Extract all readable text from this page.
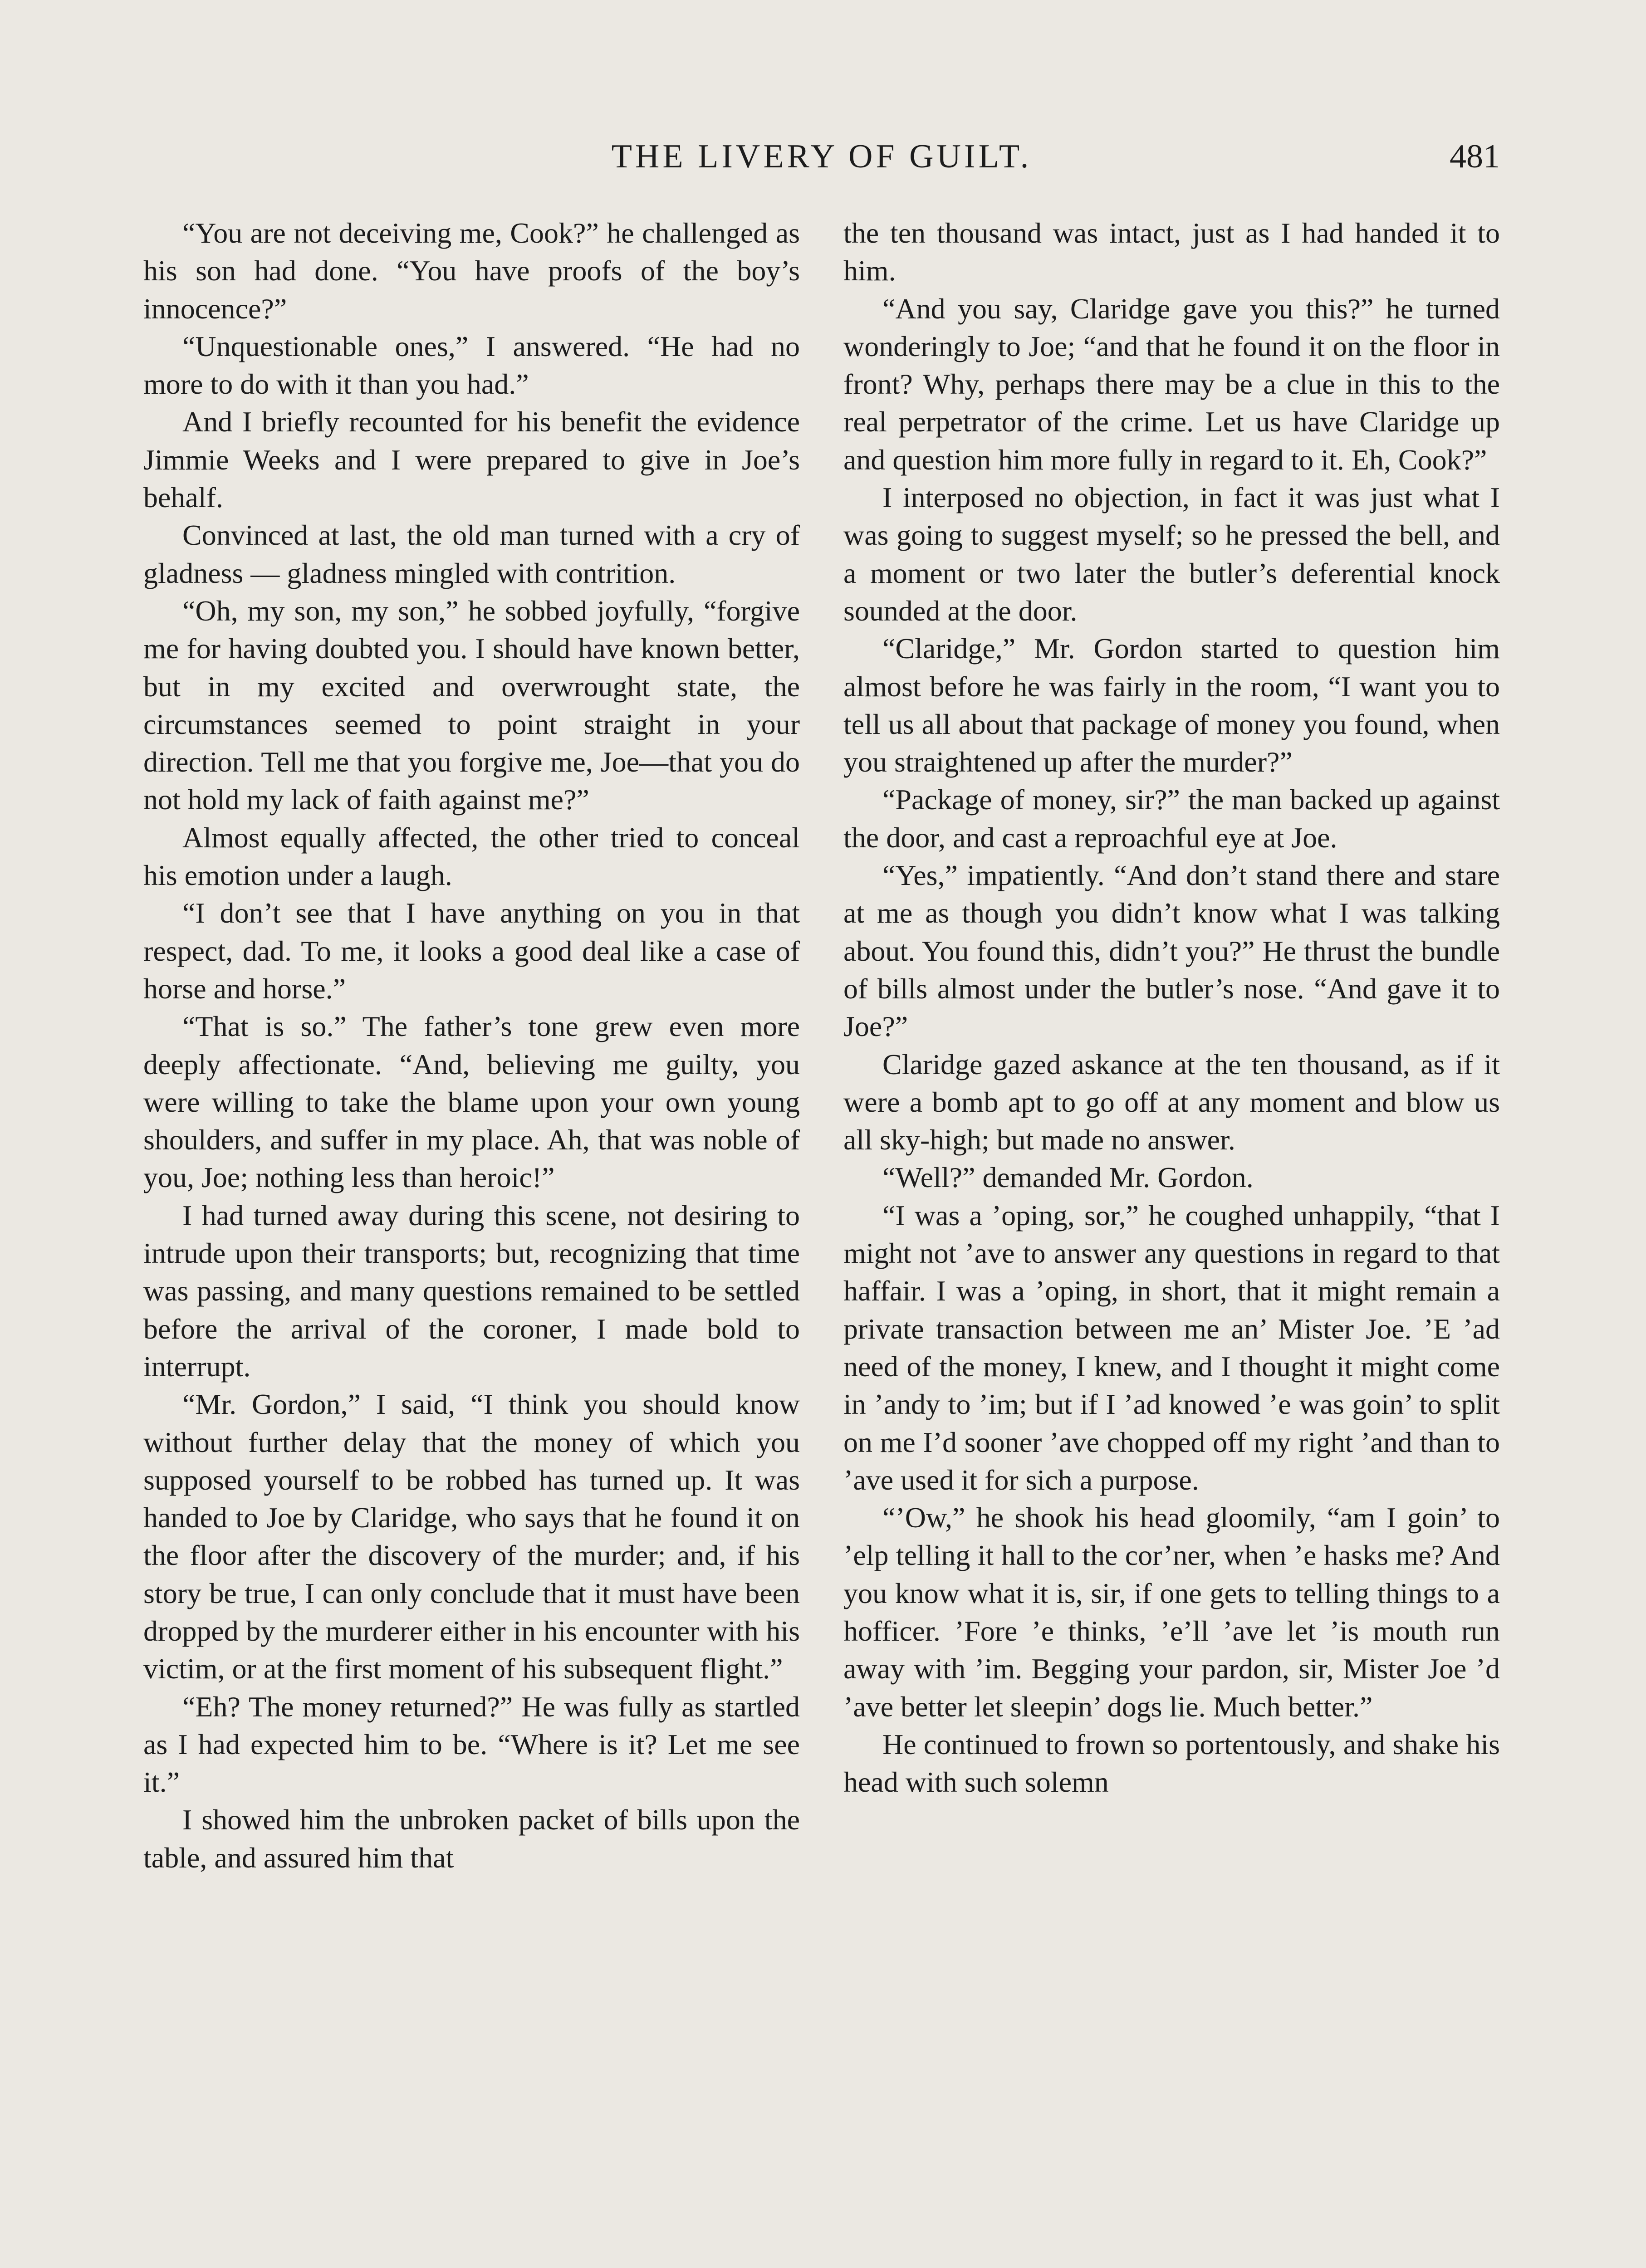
THE LIVERY OF GUILT.	481

“You are not deceiving me, Cook?” he challenged as his son had done. “You have proofs of the boy’s innocence?”

“Unquestionable ones,” I answered. “He had no more to do with it than you had.”

And I briefly recounted for his benefit the evidence Jimmie Weeks and I were prepared to give in Joe’s behalf.

Convinced at last, the old man turned with a cry of gladness — gladness mingled with contrition.

“Oh, my son, my son,” he sobbed joyfully, “forgive me for having doubted you. I should have known better, but in my excited and overwrought state, the circumstances seemed to point straight in your direction. Tell me that you forgive me, Joe—that you do not hold my lack of faith against me?”

Almost equally affected, the other tried to conceal his emotion under a laugh.

“I don’t see that I have anything on you in that respect, dad. To me, it looks a good deal like a case of horse and horse.”

“That is so.” The father’s tone grew even more deeply affectionate. “And, believing me guilty, you were willing to take the blame upon your own young shoulders, and suffer in my place. Ah, that was noble of you, Joe; nothing less than heroic!”

I had turned away during this scene, not desiring to intrude upon their transports; but, recognizing that time was passing, and many questions remained to be settled before the arrival of the coroner, I made bold to interrupt.

“Mr. Gordon,” I said, “I think you should know without further delay that the money of which you supposed yourself to be robbed has turned up. It was handed to Joe by Claridge, who says that he found it on the floor after the discovery of the murder; and, if his story be true, I can only conclude that it must have been dropped by the murderer either in his encounter with his victim, or at the first moment of his subsequent flight.”

“Eh? The money returned?” He was fully as startled as I had expected him to be. “Where is it? Let me see it.”

I showed him the unbroken packet of bills upon the table, and assured him that

the ten thousand was intact, just as I had handed it to him.

“And you say, Claridge gave you this?” he turned wonderingly to Joe; “and that he found it on the floor in front? Why, perhaps there may be a clue in this to the real perpetrator of the crime. Let us have Claridge up and question him more fully in regard to it. Eh, Cook?”

I interposed no objection, in fact it was just what I was going to suggest myself; so he pressed the bell, and a moment or two later the butler’s deferential knock sounded at the door.

“Claridge,” Mr. Gordon started to question him almost before he was fairly in the room, “I want you to tell us all about that package of money you found, when you straightened up after the murder?”

“Package of money, sir?” the man backed up against the door, and cast a reproachful eye at Joe.

“Yes,” impatiently. “And don’t stand there and stare at me as though you didn’t know what I was talking about. You found this, didn’t you?” He thrust the bundle of bills almost under the butler’s nose. “And gave it to Joe?”

Claridge gazed askance at the ten thousand, as if it were a bomb apt to go off at any moment and blow us all sky-high; but made no answer.

“Well?” demanded Mr. Gordon.

“I was a ’oping, sor,” he coughed unhappily, “that I might not ’ave to answer any questions in regard to that haffair. I was a ’oping, in short, that it might remain a private transaction between me an’ Mister Joe. ’E ’ad need of the money, I knew, and I thought it might come in ’andy to ’im; but if I ’ad knowed ’e was goin’ to split on me I’d sooner ’ave chopped off my right ’and than to ’ave used it for sich a purpose.

“’Ow,” he shook his head gloomily, “am I goin’ to ’elp telling it hall to the cor’ner, when ’e hasks me? And you know what it is, sir, if one gets to telling things to a hofficer. ’Fore ’e thinks, ’e’ll ’ave let ’is mouth run away with ’im. Begging your pardon, sir, Mister Joe ’d ’ave better let sleepin’ dogs lie. Much better.”

He continued to frown so portentously, and shake his head with such solemn
